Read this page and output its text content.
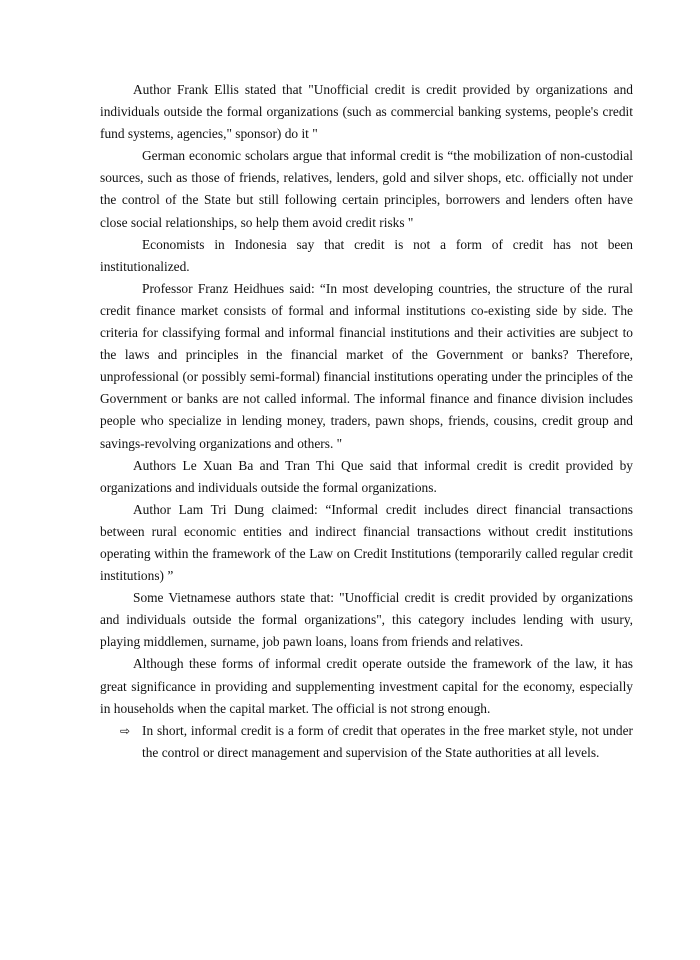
Author Frank Ellis stated that "Unofficial credit is credit provided by organizations and individuals outside the formal organizations (such as commercial banking systems, people's credit fund systems, agencies," sponsor) do it "

German economic scholars argue that informal credit is “the mobilization of non-custodial sources, such as those of friends, relatives, lenders, gold and silver shops, etc. officially not under the control of the State but still following certain principles, borrowers and lenders often have close social relationships, so help them avoid credit risks "

Economists in Indonesia say that credit is not a form of credit has not been institutionalized.

Professor Franz Heidhues said: “In most developing countries, the structure of the rural credit finance market consists of formal and informal institutions co-existing side by side. The criteria for classifying formal and informal financial institutions and their activities are subject to the laws and principles in the financial market of the Government or banks? Therefore, unprofessional (or possibly semi-formal) financial institutions operating under the principles of the Government or banks are not called informal. The informal finance and finance division includes people who specialize in lending money, traders, pawn shops, friends, cousins, credit group and savings-revolving organizations and others. "

Authors Le Xuan Ba and Tran Thi Que said that informal credit is credit provided by organizations and individuals outside the formal organizations.

Author Lam Tri Dung claimed: “Informal credit includes direct financial transactions between rural economic entities and indirect financial transactions without credit institutions operating within the framework of the Law on Credit Institutions (temporarily called regular credit institutions) ”

Some Vietnamese authors state that: "Unofficial credit is credit provided by organizations and individuals outside the formal organizations", this category includes lending with usury, playing middlemen, surname, job pawn loans, loans from friends and relatives.

Although these forms of informal credit operate outside the framework of the law, it has great significance in providing and supplementing investment capital for the economy, especially in households when the capital market. The official is not strong enough.

⇨ In short, informal credit is a form of credit that operates in the free market style, not under the control or direct management and supervision of the State authorities at all levels.
